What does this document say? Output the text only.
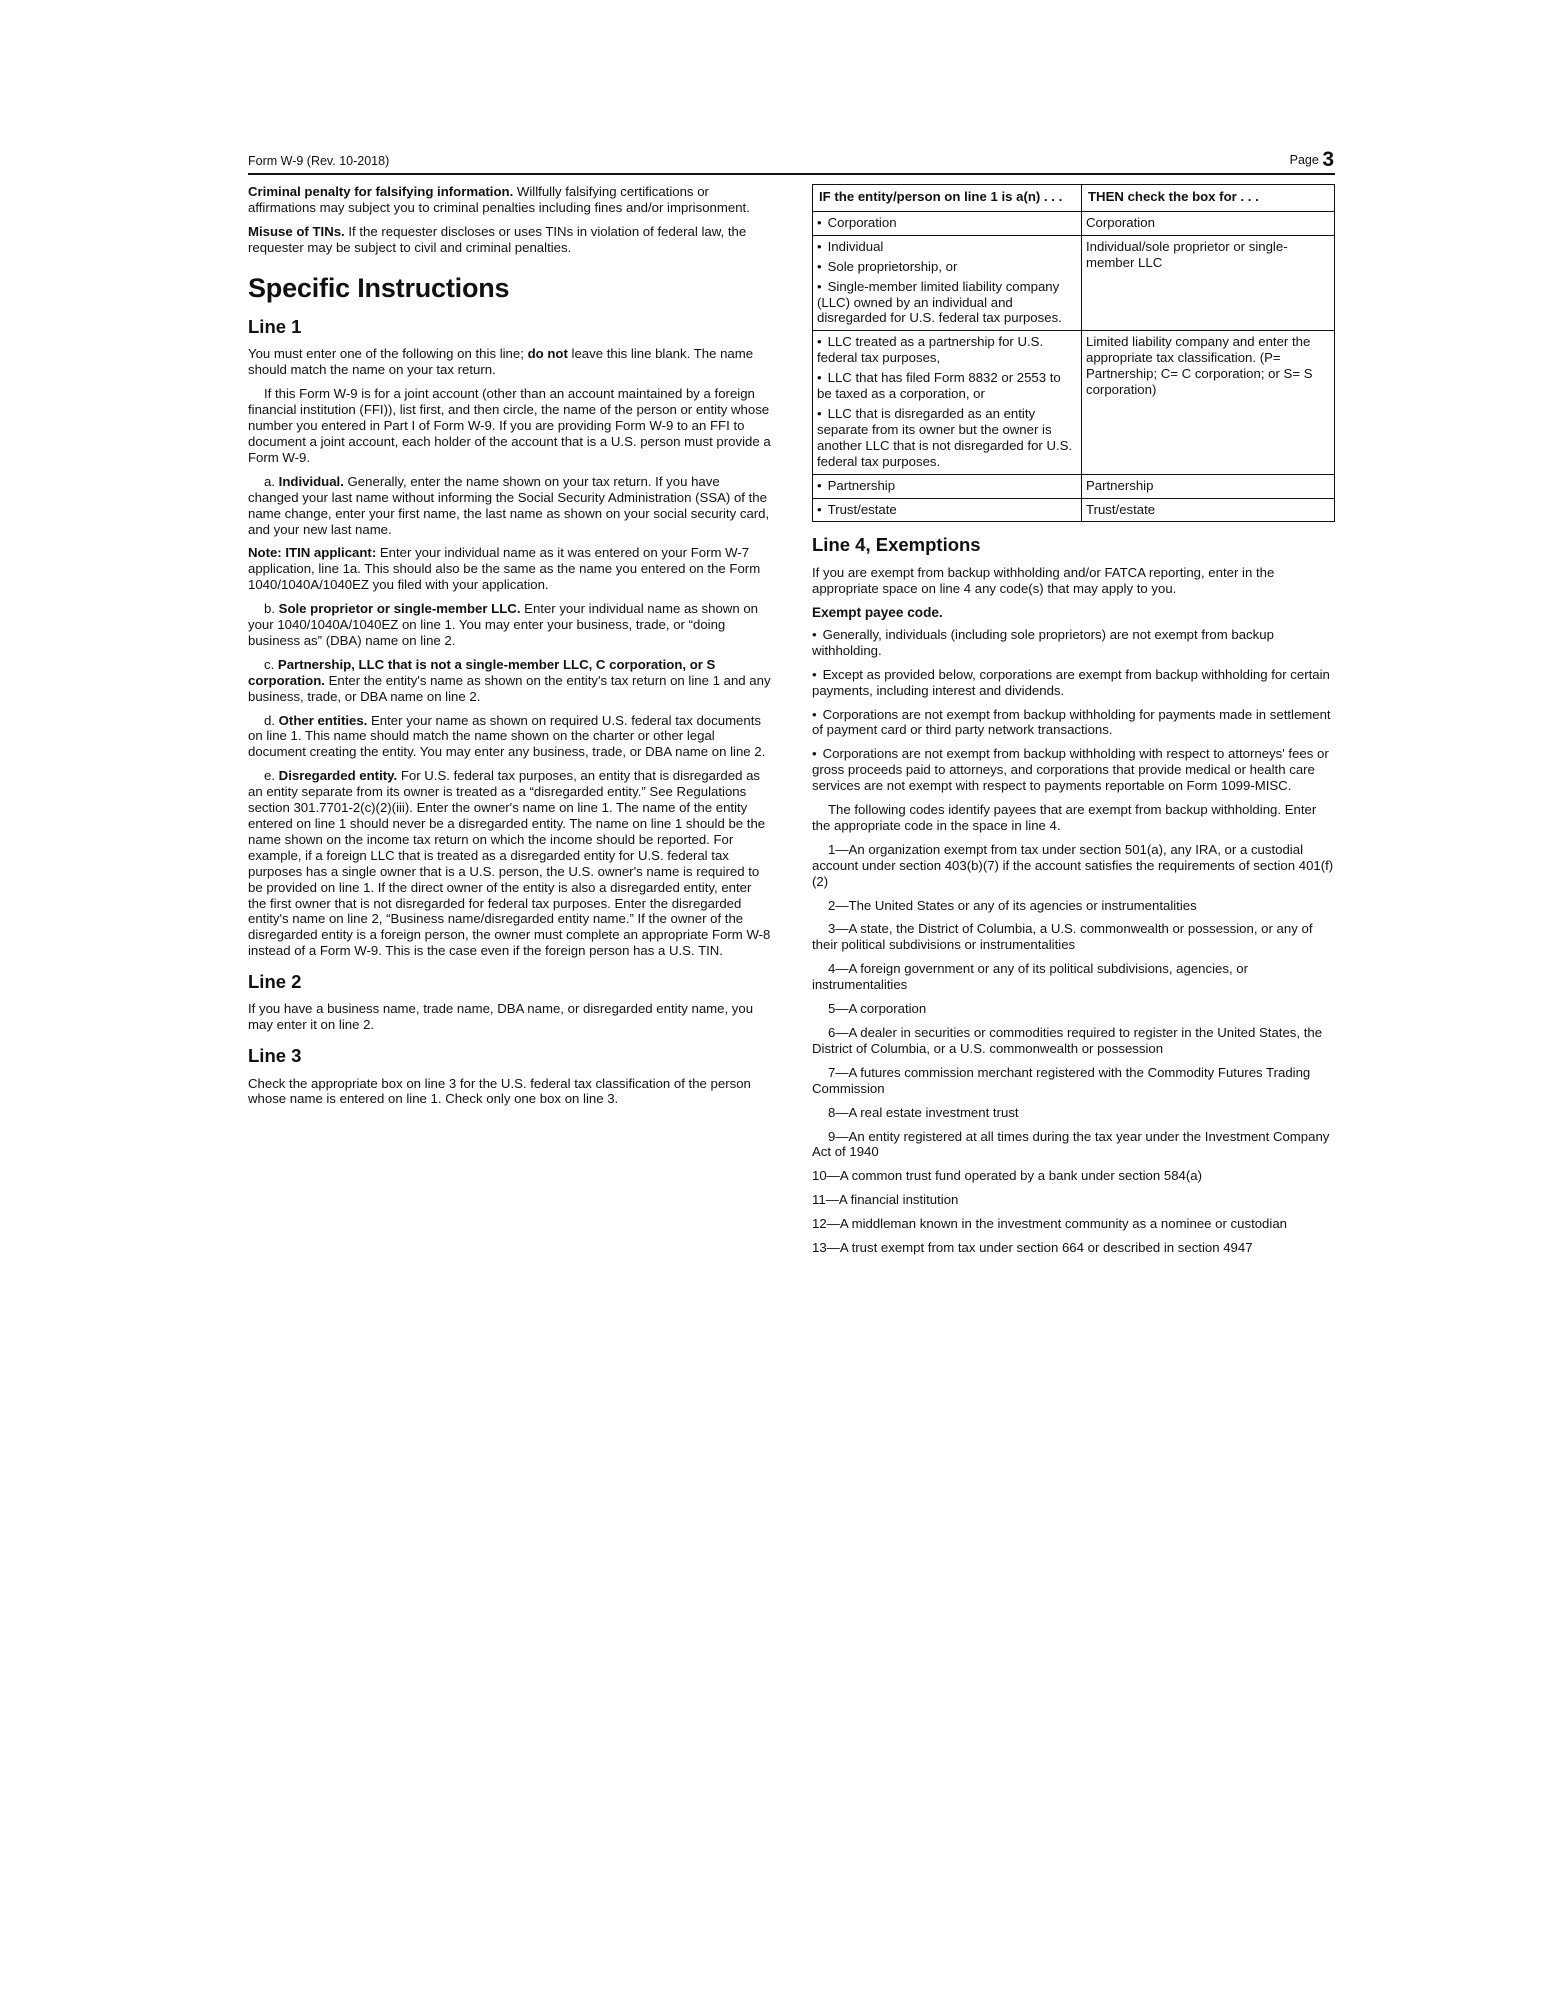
Form W-9 (Rev. 10-2018)	Page 3

Criminal penalty for falsifying information. Willfully falsifying certifications or affirmations may subject you to criminal penalties including fines and/or imprisonment.

Misuse of TINs. If the requester discloses or uses TINs in violation of federal law, the requester may be subject to civil and criminal penalties.

Specific Instructions
Line 1

You must enter one of the following on this line; do not leave this line blank. The name should match the name on your tax return.

If this Form W-9 is for a joint account (other than an account maintained by a foreign financial institution (FFI)), list first, and then circle, the name of the person or entity whose number you entered in Part I of Form W-9. If you are providing Form W-9 to an FFI to document a joint account, each holder of the account that is a U.S. person must provide a Form W-9.

a. Individual. Generally, enter the name shown on your tax return. If you have changed your last name without informing the Social Security Administration (SSA) of the name change, enter your first name, the last name as shown on your social security card, and your new last name.

Note: ITIN applicant: Enter your individual name as it was entered on your Form W-7 application, line 1a. This should also be the same as the name you entered on the Form 1040/1040A/1040EZ you filed with your application.

b. Sole proprietor or single-member LLC. Enter your individual name as shown on your 1040/1040A/1040EZ on line 1. You may enter your business, trade, or “doing business as” (DBA) name on line 2.

c. Partnership, LLC that is not a single-member LLC, C corporation, or S corporation. Enter the entity's name as shown on the entity's tax return on line 1 and any business, trade, or DBA name on line 2.

d. Other entities. Enter your name as shown on required U.S. federal tax documents on line 1. This name should match the name shown on the charter or other legal document creating the entity. You may enter any business, trade, or DBA name on line 2.

e. Disregarded entity. For U.S. federal tax purposes, an entity that is disregarded as an entity separate from its owner is treated as a “disregarded entity.” See Regulations section 301.7701-2(c)(2)(iii). Enter the owner's name on line 1. The name of the entity entered on line 1 should never be a disregarded entity. The name on line 1 should be the name shown on the income tax return on which the income should be reported. For example, if a foreign LLC that is treated as a disregarded entity for U.S. federal tax purposes has a single owner that is a U.S. person, the U.S. owner's name is required to be provided on line 1. If the direct owner of the entity is also a disregarded entity, enter the first owner that is not disregarded for federal tax purposes. Enter the disregarded entity's name on line 2, “Business name/disregarded entity name.” If the owner of the disregarded entity is a foreign person, the owner must complete an appropriate Form W-8 instead of a Form W-9. This is the case even if the foreign person has a U.S. TIN.

Line 2

If you have a business name, trade name, DBA name, or disregarded entity name, you may enter it on line 2.

Line 3

Check the appropriate box on line 3 for the U.S. federal tax classification of the person whose name is entered on line 1. Check only one box on line 3.

IF the entity/person on line 1 is a(n) . . .	THEN check the box for . . .
• Corporation	Corporation

• Individual
• Sole proprietorship, or
• Single-member limited liability company (LLC) owned by an individual and disregarded for U.S. federal tax purposes.	Individual/sole proprietor or single-member LLC

• LLC treated as a partnership for U.S. federal tax purposes,
• LLC that has filed Form 8832 or 2553 to be taxed as a corporation, or
• LLC that is disregarded as an entity separate from its owner but the owner is another LLC that is not disregarded for U.S. federal tax purposes.	Limited liability company and enter the appropriate tax classification. (P= Partnership; C= C corporation; or S= S corporation)
• Partnership	Partnership
• Trust/estate	Trust/estate
Line 4, Exemptions

If you are exempt from backup withholding and/or FATCA reporting, enter in the appropriate space on line 4 any code(s) that may apply to you.

Exempt payee code.

• Generally, individuals (including sole proprietors) are not exempt from backup withholding.

• Except as provided below, corporations are exempt from backup withholding for certain payments, including interest and dividends.

• Corporations are not exempt from backup withholding for payments made in settlement of payment card or third party network transactions.

• Corporations are not exempt from backup withholding with respect to attorneys' fees or gross proceeds paid to attorneys, and corporations that provide medical or health care services are not exempt with respect to payments reportable on Form 1099-MISC.

The following codes identify payees that are exempt from backup withholding. Enter the appropriate code in the space in line 4.

1—An organization exempt from tax under section 501(a), any IRA, or a custodial account under section 403(b)(7) if the account satisfies the requirements of section 401(f)(2)

2—The United States or any of its agencies or instrumentalities

3—A state, the District of Columbia, a U.S. commonwealth or possession, or any of their political subdivisions or instrumentalities

4—A foreign government or any of its political subdivisions, agencies, or instrumentalities

5—A corporation

6—A dealer in securities or commodities required to register in the United States, the District of Columbia, or a U.S. commonwealth or possession

7—A futures commission merchant registered with the Commodity Futures Trading Commission

8—A real estate investment trust

9—An entity registered at all times during the tax year under the Investment Company Act of 1940

10—A common trust fund operated by a bank under section 584(a)

11—A financial institution

12—A middleman known in the investment community as a nominee or custodian

13—A trust exempt from tax under section 664 or described in section 4947
